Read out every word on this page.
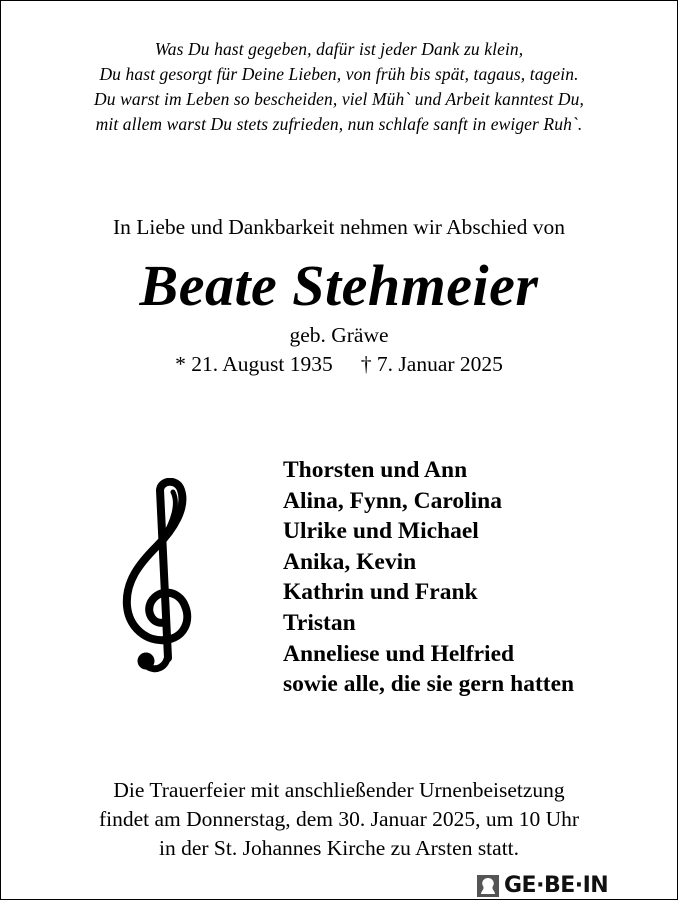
Was Du hast gegeben, dafür ist jeder Dank zu klein,
Du hast gesorgt für Deine Lieben, von früh bis spät, tagaus, tagein.
Du warst im Leben so bescheiden, viel Müh` und Arbeit kanntest Du,
mit allem warst Du stets zufrieden, nun schlafe sanft in ewiger Ruh`.
In Liebe und Dankbarkeit nehmen wir Abschied von
Beate Stehmeier
geb. Gräwe
* 21. August 1935 † 7. Januar 2025
Thorsten und Ann
Alina, Fynn, Carolina
Ulrike und Michael
Anika, Kevin
Kathrin und Frank
Tristan
Anneliese und Helfried
sowie alle, die sie gern hatten
Die Trauerfeier mit anschließender Urnenbeisetzung
findet am Donnerstag, dem 30. Januar 2025, um 10 Uhr
in der St. Johannes Kirche zu Arsten statt.
GE·BE·IN
